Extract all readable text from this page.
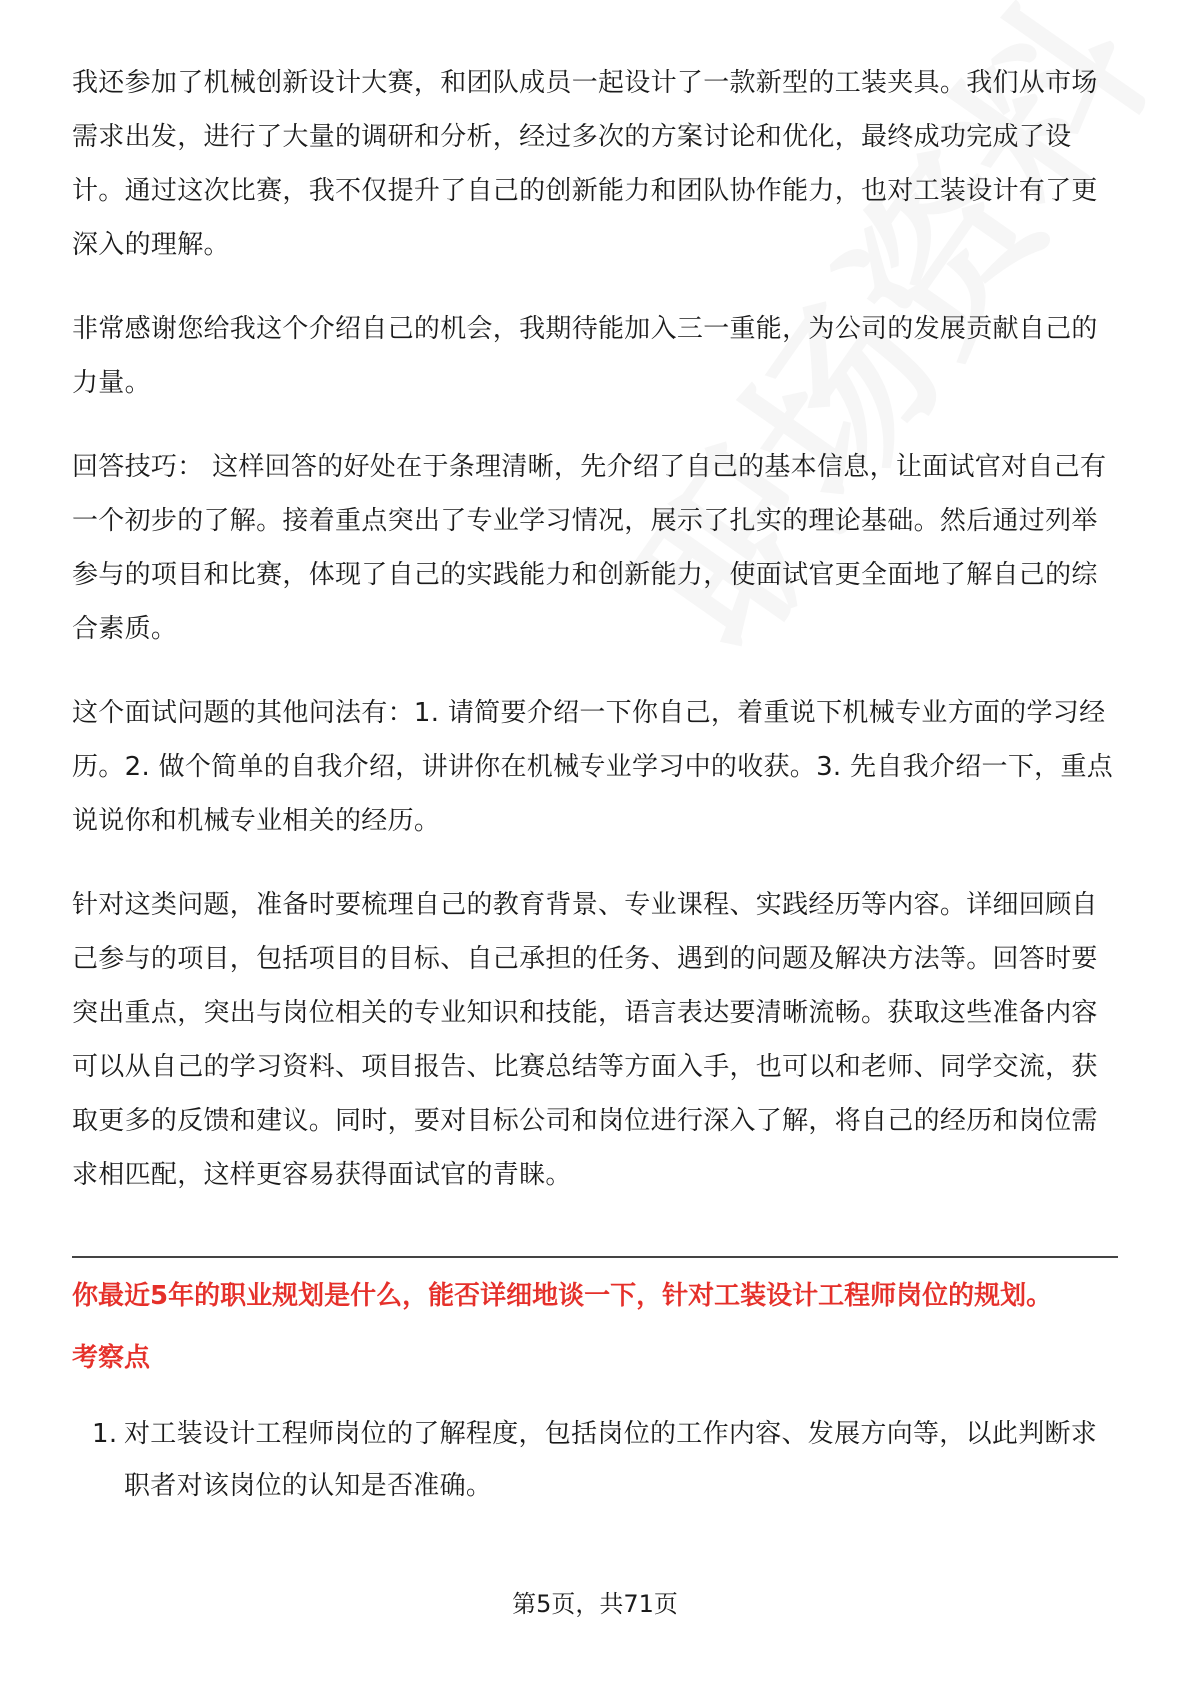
我还参加了机械创新设计大赛，和团队成员一起设计了一款新型的工装夹具。我们从市场需求出发，进行了大量的调研和分析，经过多次的方案讨论和优化，最终成功完成了设计。通过这次比赛，我不仅提升了自己的创新能力和团队协作能力，也对工装设计有了更深入的理解。

非常感谢您给我这个介绍自己的机会，我期待能加入三一重能，为公司的发展贡献自己的力量。

回答技巧： 这样回答的好处在于条理清晰，先介绍了自己的基本信息，让面试官对自己有一个初步的了解。接着重点突出了专业学习情况，展示了扎实的理论基础。然后通过列举参与的项目和比赛，体现了自己的实践能力和创新能力，使面试官更全面地了解自己的综合素质。

这个面试问题的其他问法有：1. 请简要介绍一下你自己，着重说下机械专业方面的学习经历。2. 做个简单的自我介绍，讲讲你在机械专业学习中的收获。3. 先自我介绍一下，重点说说你和机械专业相关的经历。

针对这类问题，准备时要梳理自己的教育背景、专业课程、实践经历等内容。详细回顾自己参与的项目，包括项目的目标、自己承担的任务、遇到的问题及解决方法等。回答时要突出重点，突出与岗位相关的专业知识和技能，语言表达要清晰流畅。获取这些准备内容可以从自己的学习资料、项目报告、比赛总结等方面入手，也可以和老师、同学交流，获取更多的反馈和建议。同时，要对目标公司和岗位进行深入了解，将自己的经历和岗位需求相匹配，这样更容易获得面试官的青睐。

你最近5年的职业规划是什么，能否详细地谈一下，针对工装设计工程师岗位的规划。
考察点
1. 对工装设计工程师岗位的了解程度，包括岗位的工作内容、发展方向等，以此判断求职者对该岗位的认知是否准确。
第5页，共71页
